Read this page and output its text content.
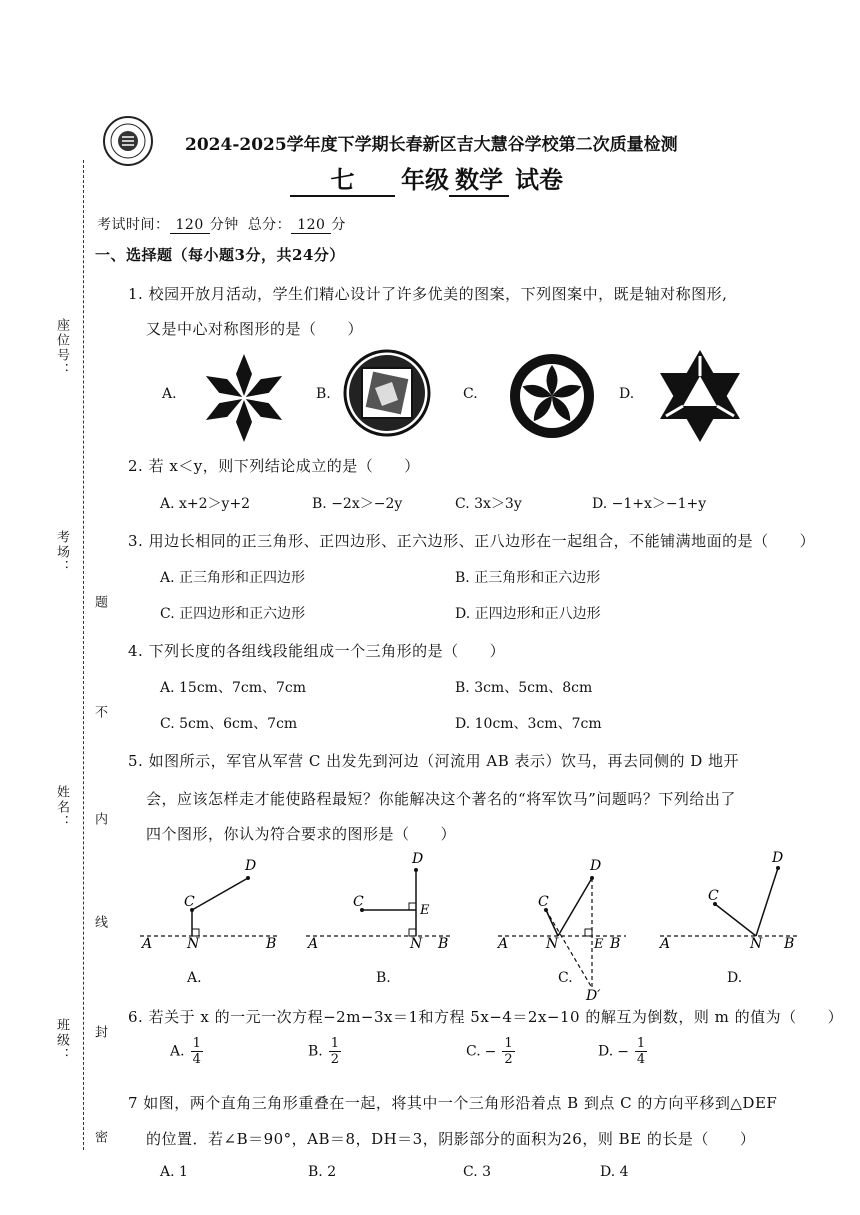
座位号：
考场：
姓名：
班级：
题
不
内
线
封
密
2024-2025学年度下学期长春新区吉大慧谷学校第二次质量检测
七 年级 数学 试卷
考试时间： 120 分钟 总分： 120 分
一、选择题（每小题3分，共24分）
1. 校园开放月活动，学生们精心设计了许多优美的图案，下列图案中，既是轴对称图形,
又是中心对称图形的是（　　）
A.	B.	C.	D.
2. 若 x＜y，则下列结论成立的是（　　）
A. x+2＞y+2	B. −2x＞−2y	C. 3x＞3y	D. −1+x＞−1+y
3. 用边长相同的正三角形、正四边形、正六边形、正八边形在一起组合，不能铺满地面的是（　　）
A. 正三角形和正四边形	B. 正三角形和正六边形
C. 正四边形和正六边形	D. 正四边形和正八边形
4. 下列长度的各组线段能组成一个三角形的是（　　）
A. 15cm、7cm、7cm	B. 3cm、5cm、8cm
C. 5cm、6cm、7cm	D. 10cm、3cm、7cm
5. 如图所示，军官从军营 C 出发先到河边（河流用 AB 表示）饮马，再去同侧的 D 地开
会，应该怎样走才能使路程最短？你能解决这个著名的“将军饮马”问题吗？下列给出了
四个图形，你认为符合要求的图形是（　　）
A N	B
C
D
A	N B
C
E
D
A	N	E B
C
D
D′
A	N B
C
D
A.	B.	C.	D.
6. 若关于 x 的一元一次方程−2m−3x＝1和方程 5x−4＝2x−10 的解互为倒数，则 m 的值为（　　）
A. $\frac{1}{4}$	B. $\frac{1}{2}$	C. − $\frac{1}{2}$	D. − $\frac{1}{4}$
7 如图，两个直角三角形重叠在一起，将其中一个三角形沿着点 B 到点 C 的方向平移到△DEF
的位置．若∠B＝90°，AB＝8，DH＝3，阴影部分的面积为26，则 BE 的长是（　　）
A. 1	B. 2	C. 3	D. 4
